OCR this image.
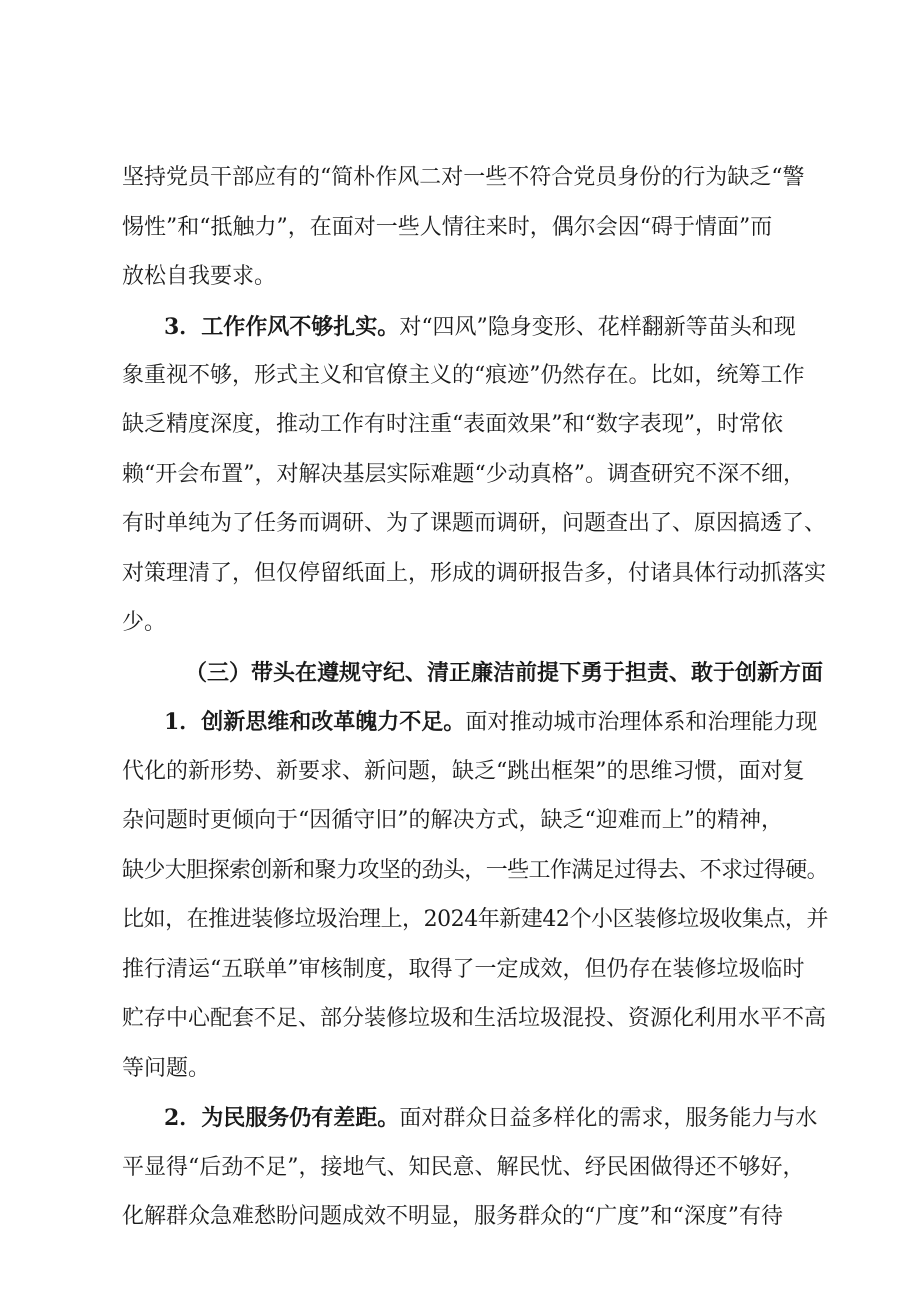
坚持党员干部应有的“简朴作风二对一些不符合党员身份的行为缺乏“警
惕性”和“抵触力”，在面对一些人情往来时，偶尔会因“碍于情面”而
放松自我要求。
3．工作作风不够扎实。对“四风”隐身变形、花样翻新等苗头和现
象重视不够，形式主义和官僚主义的“痕迹”仍然存在。比如，统筹工作
缺乏精度深度，推动工作有时注重“表面效果”和“数字表现”，时常依
赖“开会布置”，对解决基层实际难题“少动真格”。调查研究不深不细，
有时单纯为了任务而调研、为了课题而调研，问题查出了、原因搞透了、
对策理清了，但仅停留纸面上，形成的调研报告多，付诸具体行动抓落实
少。
（三）带头在遵规守纪、清正廉洁前提下勇于担责、敢于创新方面
1．创新思维和改革魄力不足。面对推动城市治理体系和治理能力现
代化的新形势、新要求、新问题，缺乏“跳出框架”的思维习惯，面对复
杂问题时更倾向于“因循守旧”的解决方式，缺乏“迎难而上”的精神，
缺少大胆探索创新和聚力攻坚的劲头，一些工作满足过得去、不求过得硬。
比如，在推进装修垃圾治理上，2024年新建42个小区装修垃圾收集点，并
推行清运“五联单”审核制度，取得了一定成效，但仍存在装修垃圾临时
贮存中心配套不足、部分装修垃圾和生活垃圾混投、资源化利用水平不高
等问题。
2．为民服务仍有差距。面对群众日益多样化的需求，服务能力与水
平显得“后劲不足”，接地气、知民意、解民忧、纾民困做得还不够好，
化解群众急难愁盼问题成效不明显，服务群众的“广度”和“深度”有待
